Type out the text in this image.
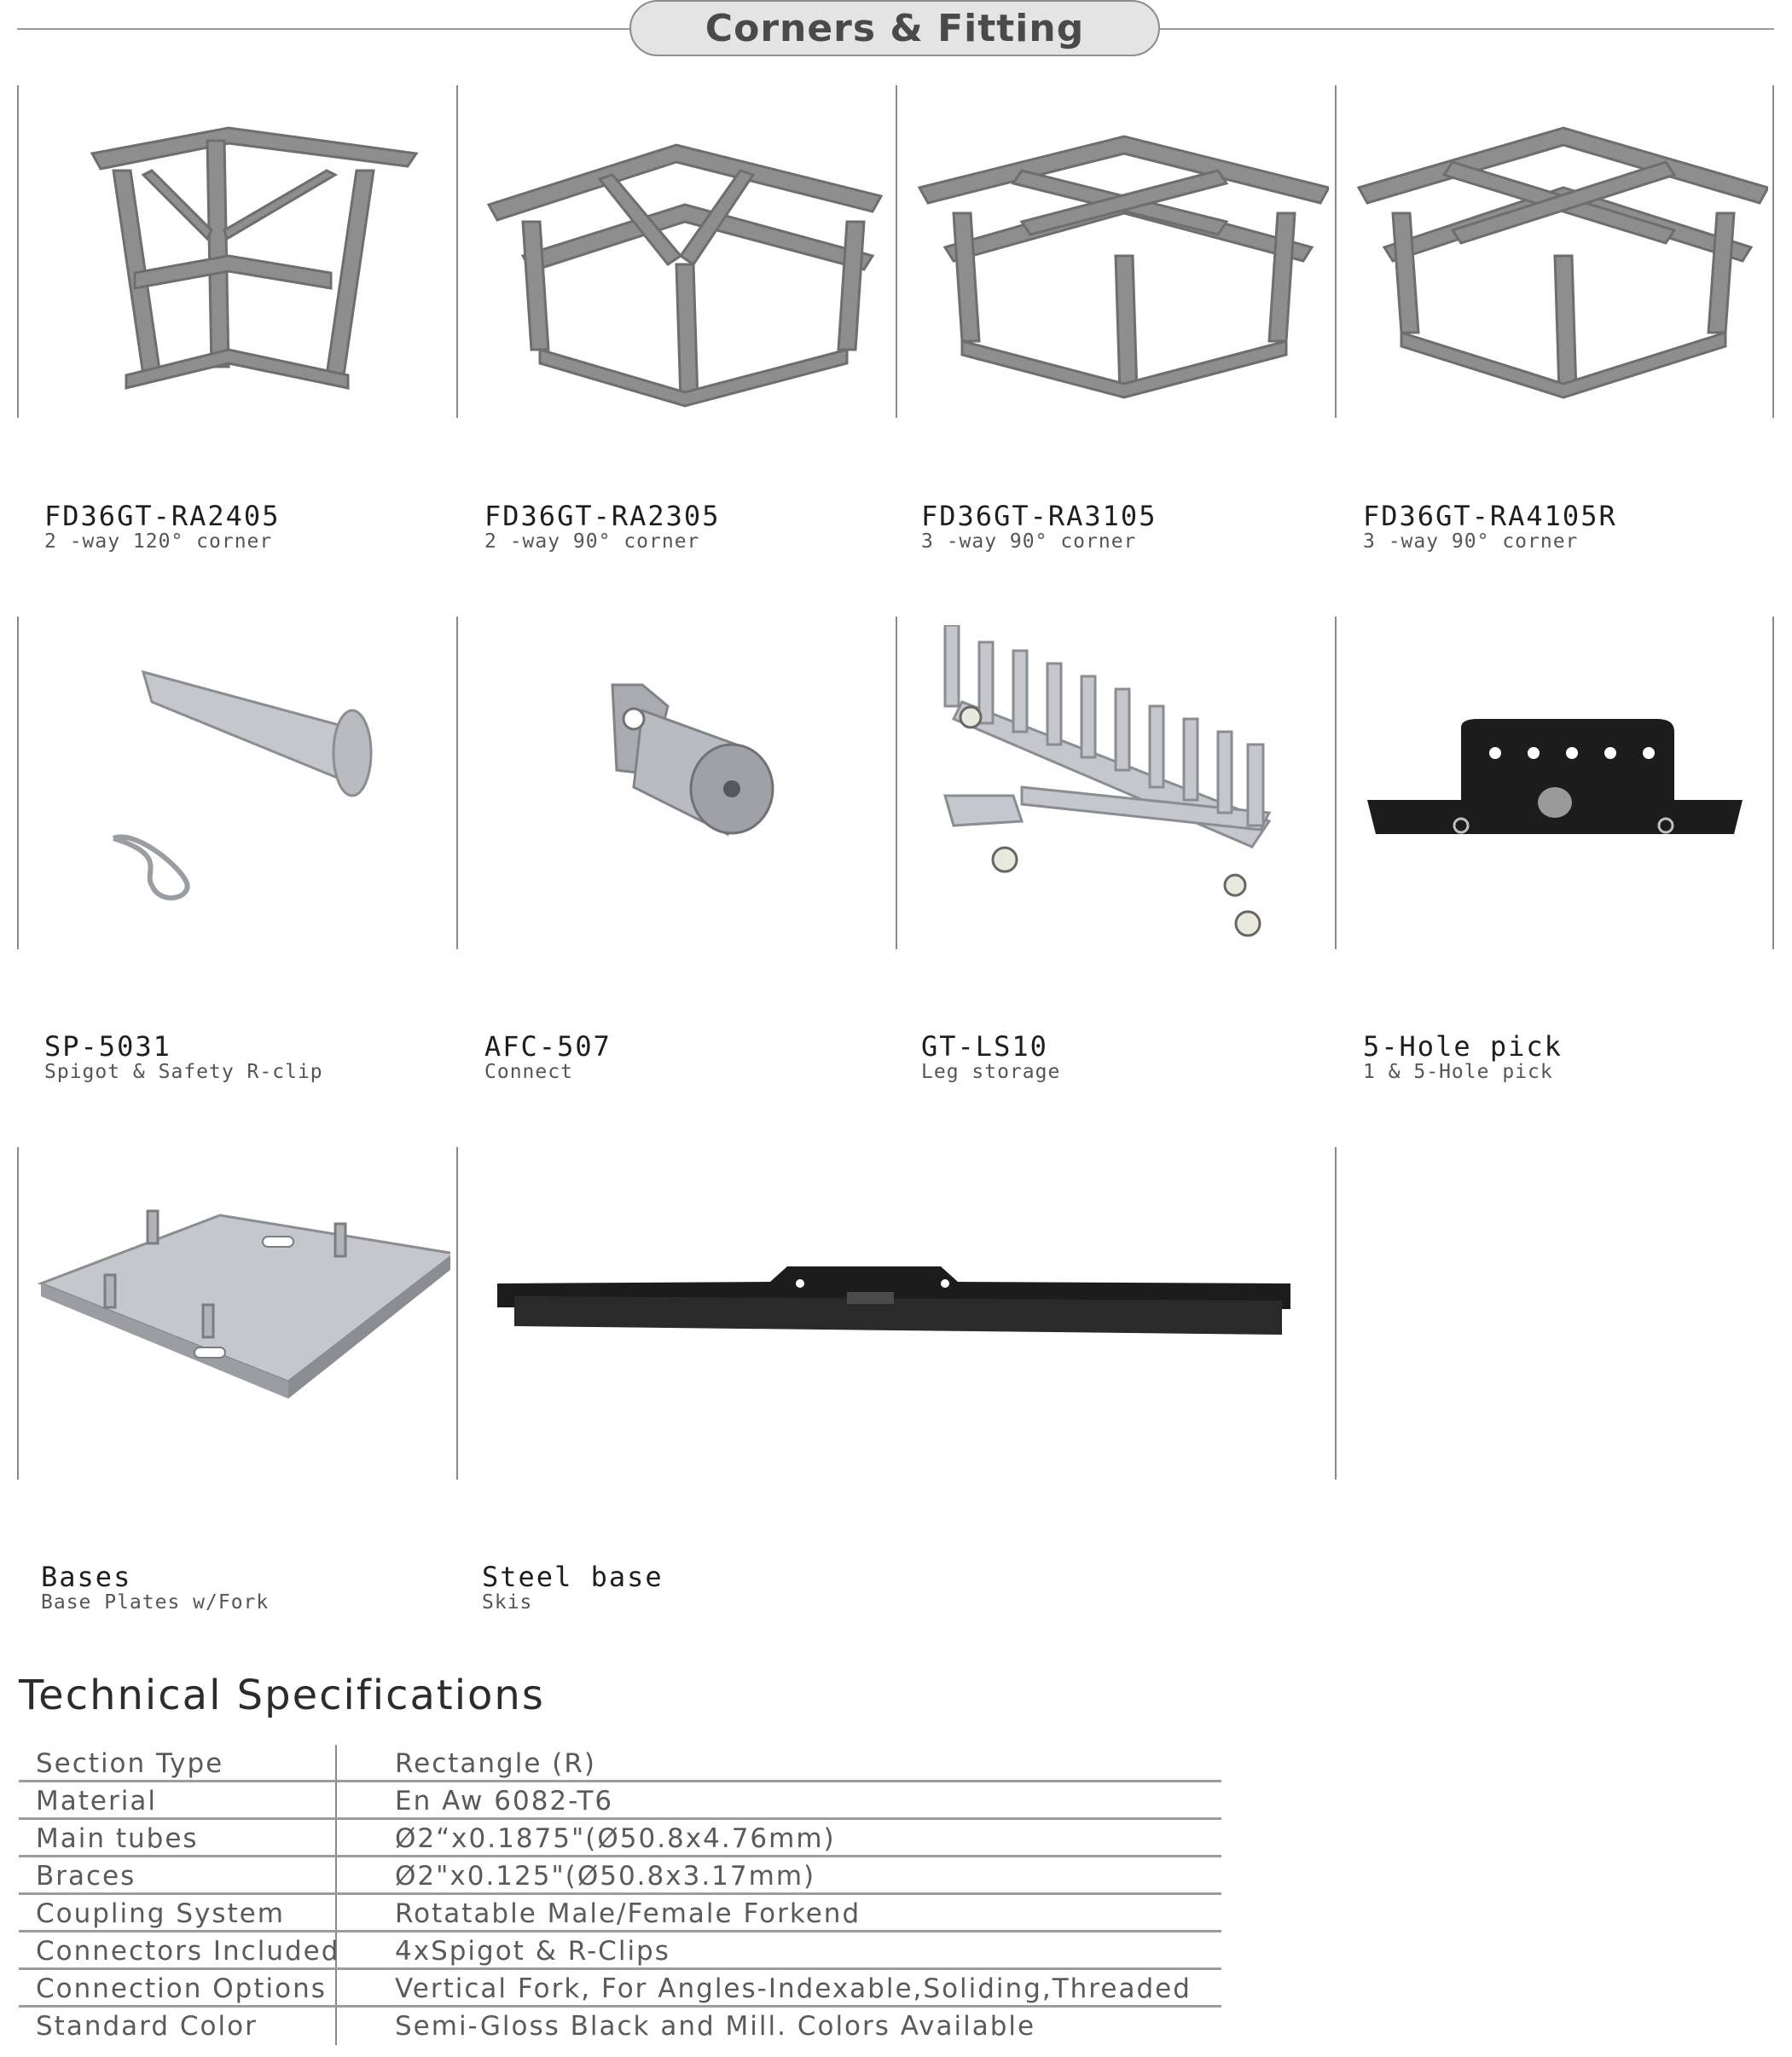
Corners & Fitting
FD36GT-RA2405
2 -way 120° corner
FD36GT-RA2305
2 -way 90° corner
FD36GT-RA3105
3 -way 90° corner
FD36GT-RA4105R
3 -way 90° corner
SP-5031
Spigot & Safety R-clip
AFC-507
Connect
GT-LS10
Leg storage
5-Hole pick
1 & 5-Hole pick
Bases
Base Plates w/Fork
Steel base
Skis
Technical Specifications
Section Type	Rectangle (R)
Material	En Aw 6082-T6
Main tubes	Ø2“x0.1875"(Ø50.8x4.76mm)
Braces	Ø2"x0.125"(Ø50.8x3.17mm)
Coupling System	Rotatable Male/Female Forkend
Connectors Included 4xSpigot & R-Clips
Connection Options	Vertical Fork, For Angles-Indexable,Soliding,Threaded
Standard Color	Semi-Gloss Black and Mill. Colors Available
